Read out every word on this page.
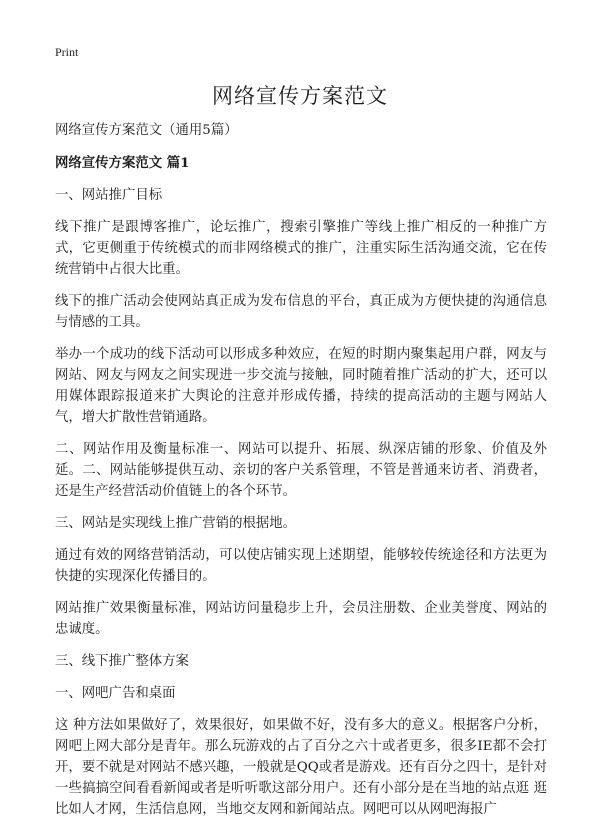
Print
网络宣传方案范文

网络宣传方案范文（通用5篇）

网络宣传方案范文 篇1

一、网站推广目标

线下推广是跟博客推广，论坛推广，搜索引擎推广等线上推广相反的一种推广方式，它更侧重于传统模式的而非网络模式的推广，注重实际生活沟通交流，它在传统营销中占很大比重。

线下的推广活动会使网站真正成为发布信息的平台，真正成为方便快捷的沟通信息与情感的工具。

举办一个成功的线下活动可以形成多种效应，在短的时期内聚集起用户群，网友与网站、网友与网友之间实现进一步交流与接触，同时随着推广活动的扩大，还可以用媒体跟踪报道来扩大舆论的注意并形成传播，持续的提高活动的主题与网站人气，增大扩散性营销通路。

二、网站作用及衡量标准一、网站可以提升、拓展、纵深店铺的形象、价值及外延。二、网站能够提供互动、亲切的客户关系管理，不管是普通来访者、消费者，还是生产经营活动价值链上的各个环节。

三、网站是实现线上推广营销的根据地。

通过有效的网络营销活动，可以使店铺实现上述期望，能够较传统途径和方法更为快捷的实现深化传播目的。

网站推广效果衡量标准，网站访问量稳步上升，会员注册数、企业美誉度、网站的忠诚度。

三、线下推广整体方案

一、网吧广告和桌面

这 种方法如果做好了，效果很好，如果做不好，没有多大的意义。根据客户分析，网吧上网大部分是青年。那么玩游戏的占了百分之六十或者更多，很多IE都不会打 开，要不就是对网站不感兴趣，一般就是QQ或者是游戏。还有百分之四十，是针对一些搞搞空间看看新闻或者是听听歌这部分用户。还有小部分是在当地的站点逛 逛比如人才网，生活信息网，当地交友网和新闻站点。网吧可以从网吧海报广
